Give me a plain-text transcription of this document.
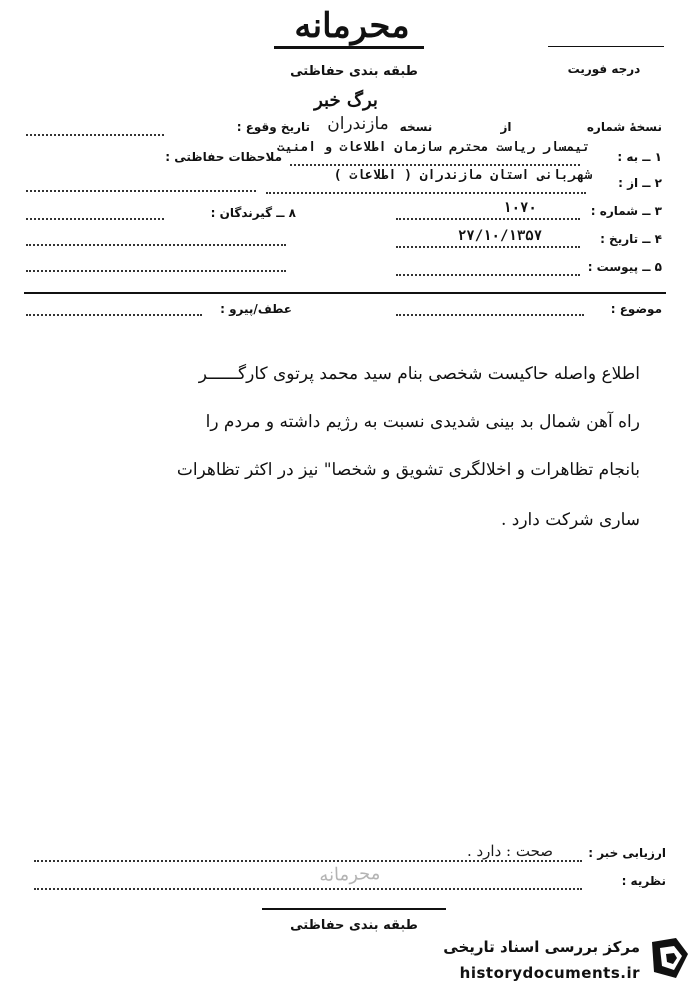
محرمانه
طبقه بندی حفاظتی	درجه فوریت
برگ خبر
نسخهٔ شماره
از
نسخه
مازندران
تاریخ وقوع :
۱ ــ به :
تیمسار ریاست محترم سازمان اطلاعات و امنیت
ملاحظات حفاظتی :
۲ ــ از :
شهربانی استان مازندران ( اطلاعات )
۳ ــ شماره :
۱۰۷۰
۸ ــ گیرندگان :
۴ ــ تاریخ :
۲۷/۱۰/۱۳۵۷
۵ ــ پیوست :
موضوع :
عطف/پیرو :
اطلاع واصله حاکیست شخصی بنام سید محمد پرتوی کارگــــــر
راه آهن شمال بد بینی شدیدی نسبت به رژیم داشته و مردم را
بانجام تظاهرات و اخلالگری تشویق و شخصا" نیز در اکثر تظاهرات
ساری شرکت دارد .
ارزیابی خبر :
صحت : دارد .
نظریه :
محرمانه
طبقه بندی حفاظتی
مرکز بررسی اسناد تاریخی
historydocuments.ir
